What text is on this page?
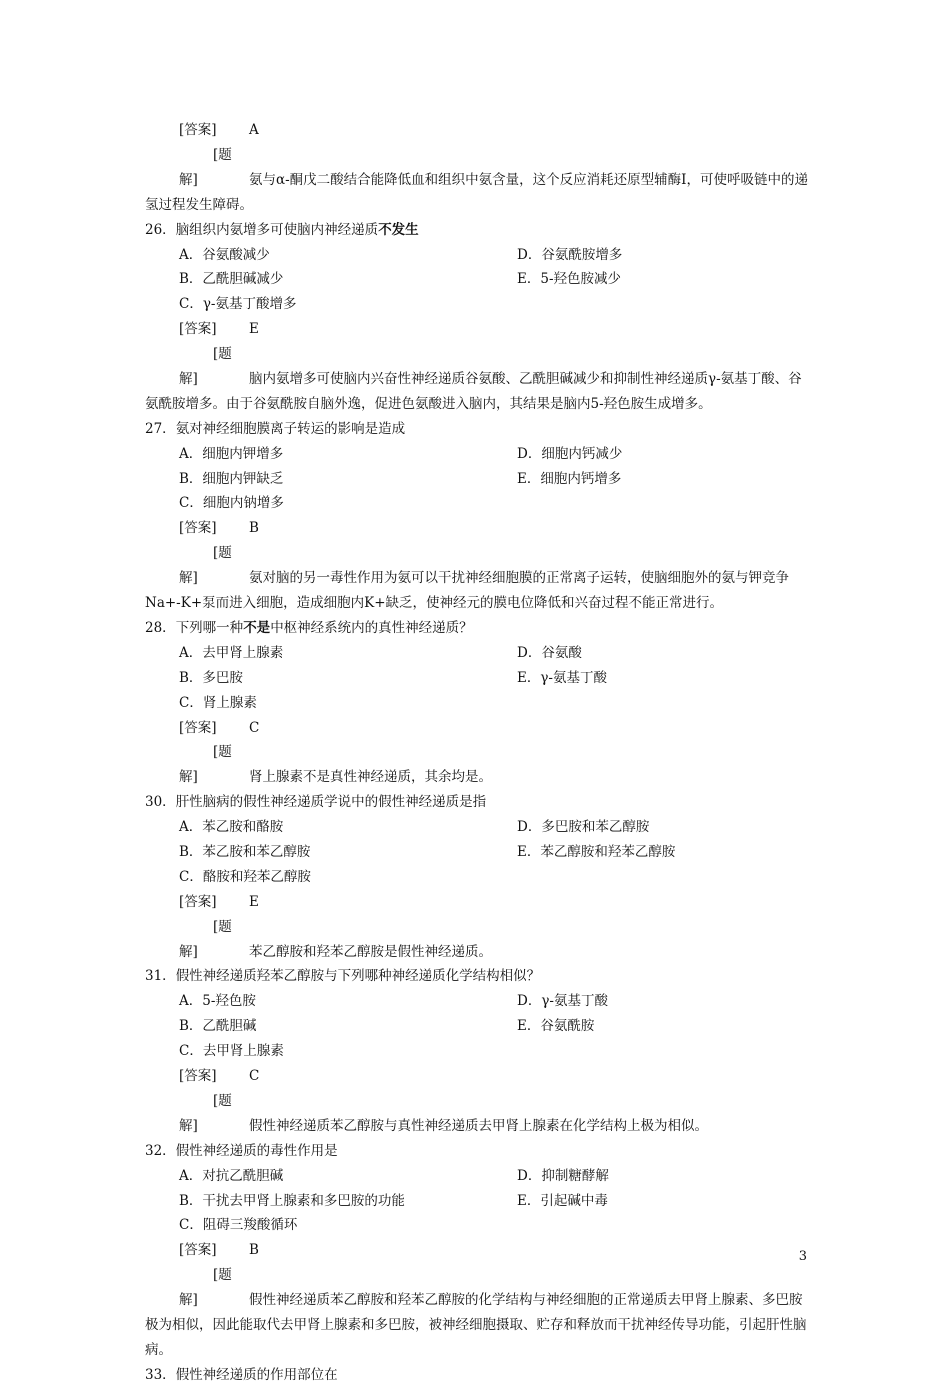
[答案] A
[题解]	氨与α-酮戊二酸结合能降低血和组织中氨含量，这个反应消耗还原型辅酶I，可使呼吸链中的递氢过程发生障碍。
26．脑组织内氨增多可使脑内神经递质不发生
A．谷氨酸减少	D．谷氨酰胺增多
B．乙酰胆碱减少	E．5-羟色胺减少
C．γ-氨基丁酸增多
[答案] E
[题解]	脑内氨增多可使脑内兴奋性神经递质谷氨酸、乙酰胆碱减少和抑制性神经递质γ-氨基丁酸、谷氨酰胺增多。由于谷氨酰胺自脑外逸，促进色氨酸进入脑内，其结果是脑内5-羟色胺生成增多。
27．氨对神经细胞膜离子转运的影响是造成
A．细胞内钾增多	D．细胞内钙减少
B．细胞内钾缺乏	E．细胞内钙增多
C．细胞内钠增多
[答案] B
[题解]	氨对脑的另一毒性作用为氨可以干扰神经细胞膜的正常离子运转，使脑细胞外的氨与钾竞争Na+-K+泵而进入细胞，造成细胞内K+缺乏，使神经元的膜电位降低和兴奋过程不能正常进行。
28．下列哪一种不是中枢神经系统内的真性神经递质？
A．去甲肾上腺素	D．谷氨酸
B．多巴胺	E．γ-氨基丁酸
C．肾上腺素
[答案] C
[题解]	肾上腺素不是真性神经递质，其余均是。
30．肝性脑病的假性神经递质学说中的假性神经递质是指
A．苯乙胺和酪胺	D．多巴胺和苯乙醇胺
B．苯乙胺和苯乙醇胺	E．苯乙醇胺和羟苯乙醇胺
C．酪胺和羟苯乙醇胺
[答案] E
[题解]	苯乙醇胺和羟苯乙醇胺是假性神经递质。
31．假性神经递质羟苯乙醇胺与下列哪种神经递质化学结构相似？
A．5-羟色胺	D．γ-氨基丁酸
B．乙酰胆碱	E．谷氨酰胺
C．去甲肾上腺素
[答案] C
[题解]	假性神经递质苯乙醇胺与真性神经递质去甲肾上腺素在化学结构上极为相似。
32．假性神经递质的毒性作用是
A．对抗乙酰胆碱	D．抑制糖酵解
B．干扰去甲肾上腺素和多巴胺的功能	E．引起碱中毒
C．阻碍三羧酸循环
[答案] B
[题解]	假性神经递质苯乙醇胺和羟苯乙醇胺的化学结构与神经细胞的正常递质去甲肾上腺素、多巴胺极为相似，因此能取代去甲肾上腺素和多巴胺，被神经细胞摄取、贮存和释放而干扰神经传导功能，引起肝性脑病。
33．假性神经递质的作用部位在
3
